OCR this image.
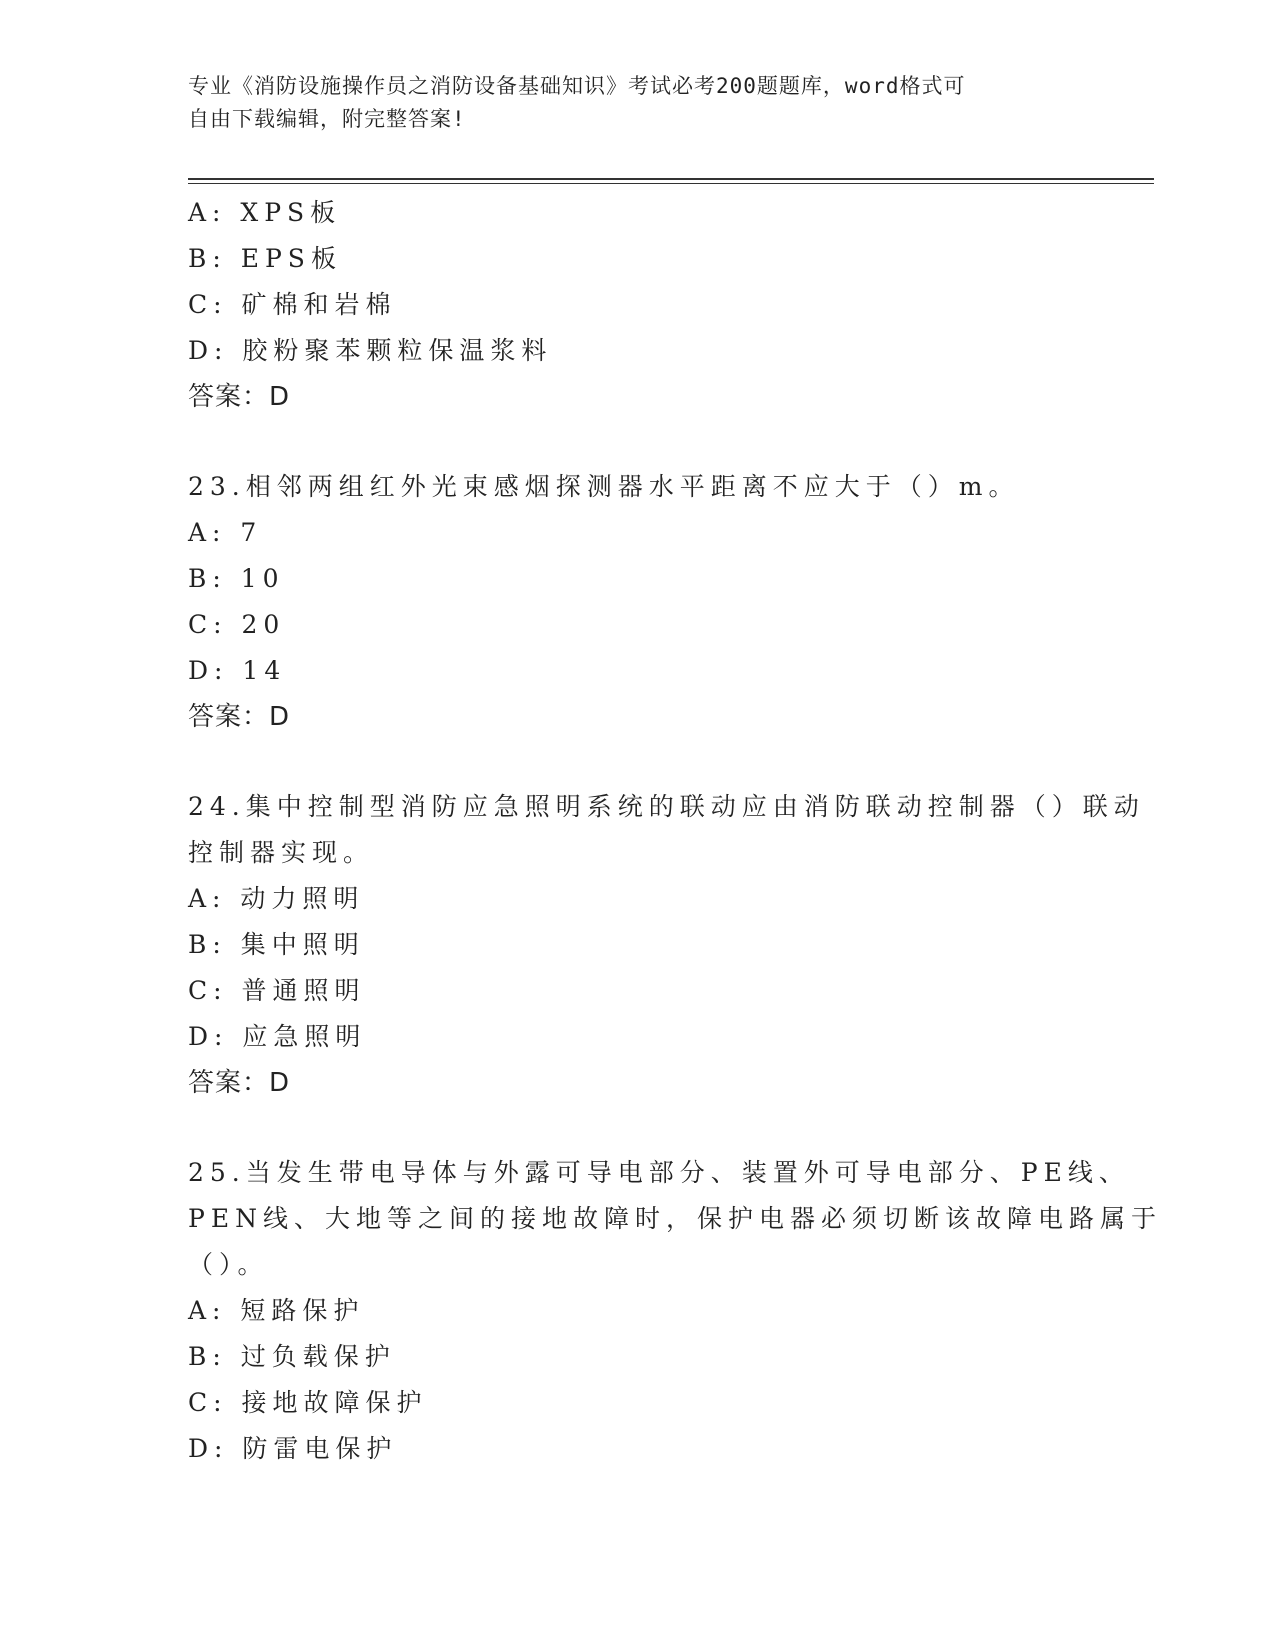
专业《消防设施操作员之消防设备基础知识》考试必考200题题库，word格式可
自由下载编辑，附完整答案!
A: XPS板
B: EPS板
C: 矿棉和岩棉
D: 胶粉聚苯颗粒保温浆料
答案：D
23.相邻两组红外光束感烟探测器水平距离不应大于（）m。
A: 7
B: 10
C: 20
D: 14
答案：D
24.集中控制型消防应急照明系统的联动应由消防联动控制器（）联动
控制器实现。
A: 动力照明
B: 集中照明
C: 普通照明
D: 应急照明
答案：D
25.当发生带电导体与外露可导电部分、装置外可导电部分、PE线、
PEN线、大地等之间的接地故障时，保护电器必须切断该故障电路属于
（）。
A: 短路保护
B: 过负载保护
C: 接地故障保护
D: 防雷电保护
